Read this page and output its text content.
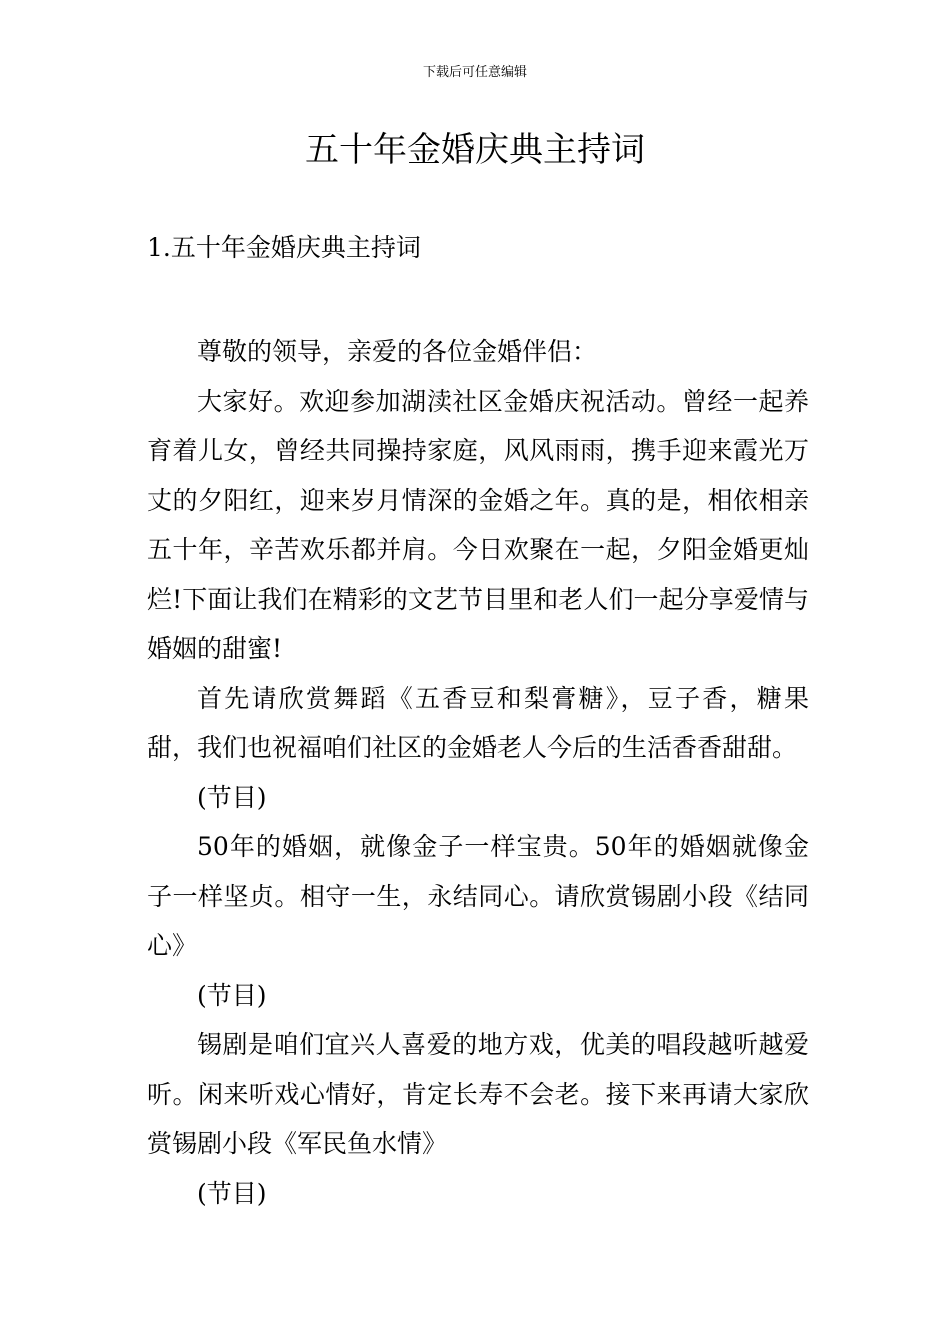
下载后可任意编辑
五十年金婚庆典主持词
1.五十年金婚庆典主持词

尊敬的领导，亲爱的各位金婚伴侣：

大家好。欢迎参加湖渎社区金婚庆祝活动。曾经一起养育着儿女，曾经共同操持家庭，风风雨雨，携手迎来霞光万丈的夕阳红，迎来岁月情深的金婚之年。真的是，相依相亲五十年，辛苦欢乐都并肩。今日欢聚在一起，夕阳金婚更灿烂!下面让我们在精彩的文艺节目里和老人们一起分享爱情与婚姻的甜蜜!

首先请欣赏舞蹈《五香豆和梨膏糖》，豆子香，糖果甜，我们也祝福咱们社区的金婚老人今后的生活香香甜甜。

(节目)

50年的婚姻，就像金子一样宝贵。50年的婚姻就像金子一样坚贞。相守一生，永结同心。请欣赏锡剧小段《结同心》

(节目)

锡剧是咱们宜兴人喜爱的地方戏，优美的唱段越听越爱听。闲来听戏心情好，肯定长寿不会老。接下来再请大家欣赏锡剧小段《军民鱼水情》

(节目)
